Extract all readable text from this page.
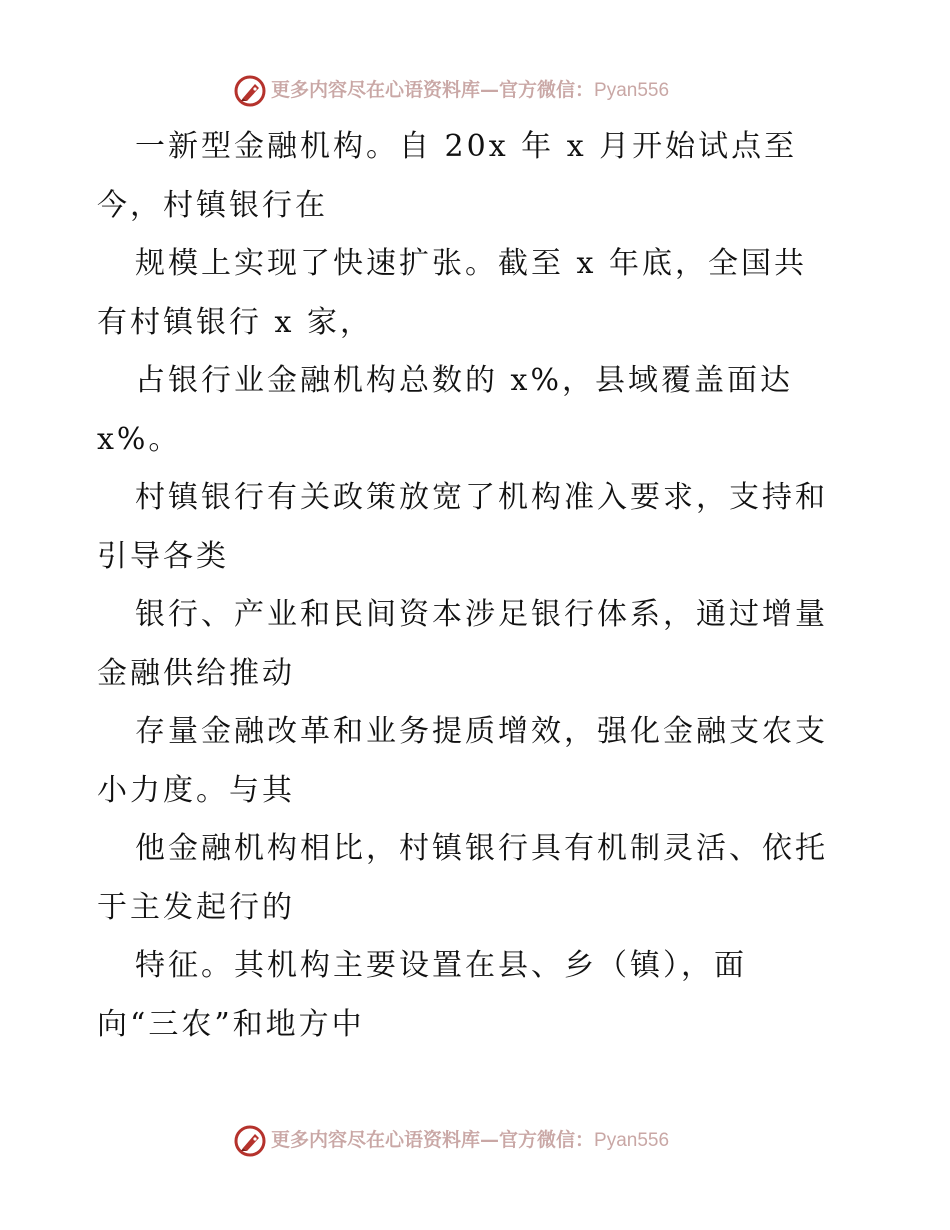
更多内容尽在心语资料库—官方微信：Pyan556
一新型金融机构。自 20x 年 x 月开始试点至
今，村镇银行在
规模上实现了快速扩张。截至 x 年底，全国共
有村镇银行 x 家，
占银行业金融机构总数的 x%，县域覆盖面达
x%。
村镇银行有关政策放宽了机构准入要求，支持和
引导各类
银行、产业和民间资本涉足银行体系，通过增量
金融供给推动
存量金融改革和业务提质增效，强化金融支农支
小力度。与其
他金融机构相比，村镇银行具有机制灵活、依托
于主发起行的
特征。其机构主要设置在县、乡（镇），面
向“三农”和地方中
更多内容尽在心语资料库—官方微信：Pyan556
